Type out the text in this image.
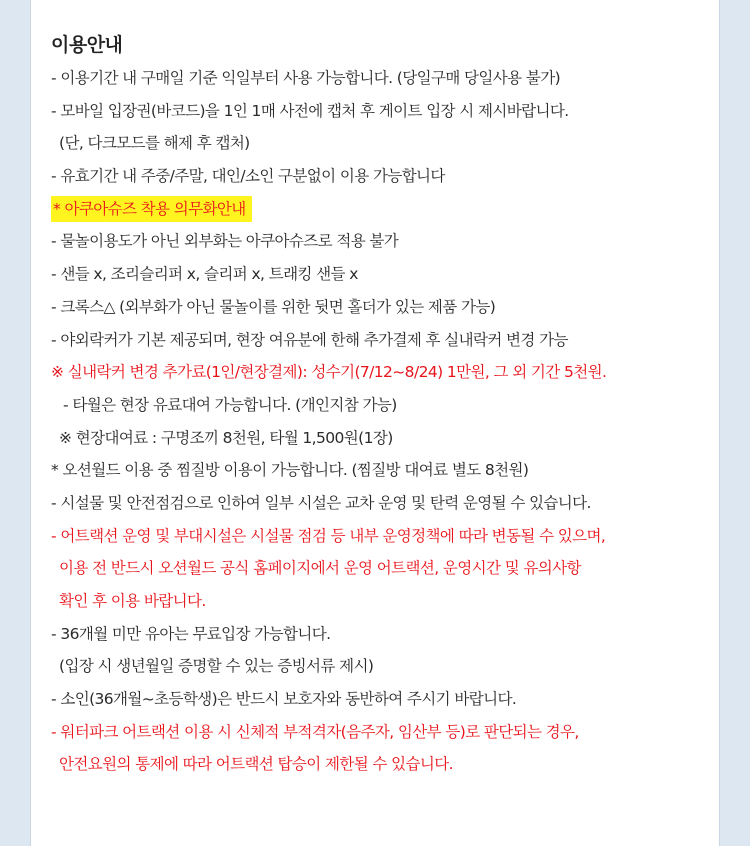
이용안내
- 이용기간 내 구매일 기준 익일부터 사용 가능합니다. (당일구매 당일사용 불가)
- 모바일 입장권(바코드)을 1인 1매 사전에 캡처 후 게이트 입장 시 제시바랍니다.
(단, 다크모드를 해제 후 캡처)
- 유효기간 내 주중/주말, 대인/소인 구분없이 이용 가능합니다
* 아쿠아슈즈 착용 의무화안내
- 물놀이용도가 아닌 외부화는 아쿠아슈즈로 적용 불가
- 샌들 x, 조리슬리퍼 x, 슬리퍼 x, 트래킹 샌들 x
- 크록스△ (외부화가 아닌 물놀이를 위한 뒷면 홀더가 있는 제품 가능)
- 야외락커가 기본 제공되며, 현장 여유분에 한해 추가결제 후 실내락커 변경 가능
※ 실내락커 변경 추가료(1인/현장결제): 성수기(7/12~8/24) 1만원, 그 외 기간 5천원.
- 타월은 현장 유료대여 가능합니다. (개인지참 가능)
※ 현장대여료 : 구명조끼 8천원, 타월 1,500원(1장)
* 오션월드 이용 중 찜질방 이용이 가능합니다. (찜질방 대여료 별도 8천원)
- 시설물 및 안전점검으로 인하여 일부 시설은 교차 운영 및 탄력 운영될 수 있습니다.
- 어트랙션 운영 및 부대시설은 시설물 점검 등 내부 운영정책에 따라 변동될 수 있으며,
이용 전 반드시 오션월드 공식 홈페이지에서 운영 어트랙션, 운영시간 및 유의사항
확인 후 이용 바랍니다.
- 36개월 미만 유아는 무료입장 가능합니다.
(입장 시 생년월일 증명할 수 있는 증빙서류 제시)
- 소인(36개월~초등학생)은 반드시 보호자와 동반하여 주시기 바랍니다.
- 워터파크 어트랙션 이용 시 신체적 부적격자(음주자, 임산부 등)로 판단되는 경우,
안전요원의 통제에 따라 어트랙션 탑승이 제한될 수 있습니다.
